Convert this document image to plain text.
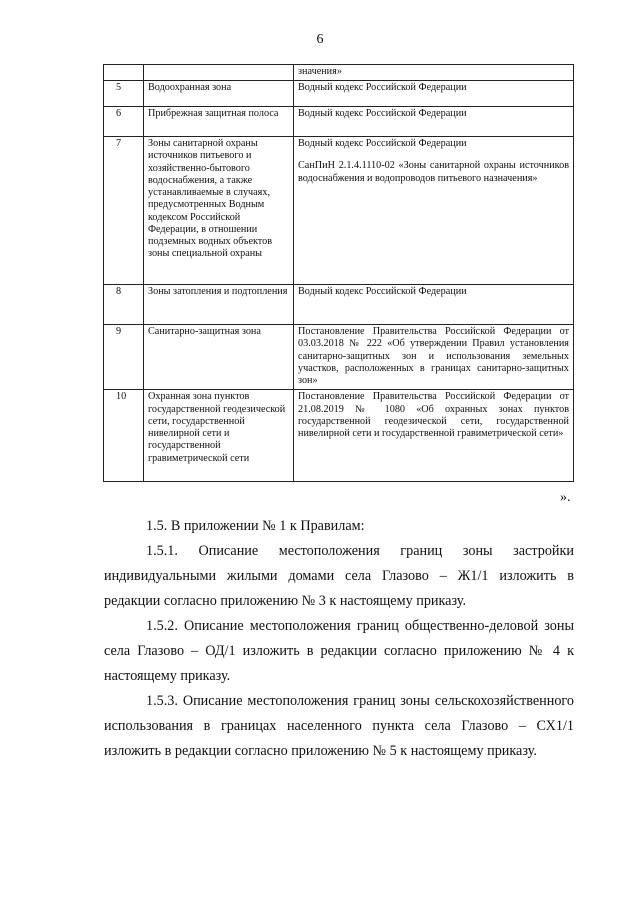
6
		значения»
5	Водоохранная зона	Водный кодекс Российской Федерации

6	Прибрежная защитная полоса	Водный кодекс Российской Федерации

7	Зоны санитарной охраны источников питьевого и хозяйственно-бытового водоснабжения, а также устанавливаемые в случаях, предусмотренных Водным кодексом Российской Федерации, в отношении подземных водных объектов зоны специальной охраны	Водный кодекс Российской Федерации
СанПиН 2.1.4.1110-02 «Зоны санитарной охраны источников водоснабжения и водопроводов питьевого назначения»

8	Зоны затопления и подтопления	Водный кодекс Российской Федерации

9	Санитарно-защитная зона	Постановление Правительства Российской Федерации от 03.03.2018 № 222 «Об утверждении Правил установления санитарно-защитных зон и использования земельных участков, расположенных в границах санитарно-защитных зон»

10	Охранная зона пунктов государственной геодезической сети, государственной нивелирной сети и государственной гравиметрической сети	Постановление Правительства Российской Федерации от 21.08.2019 № 1080 «Об охранных зонах пунктов государственной геодезической сети, государственной нивелирной сети и государственной гравиметрической сети»
».

1.5. В приложении № 1 к Правилам:

1.5.1. Описание местоположения границ зоны застройки индивидуальными жилыми домами села Глазово – Ж1/1 изложить в редакции согласно приложению № 3 к настоящему приказу.

1.5.2. Описание местоположения границ общественно-деловой зоны села Глазово – ОД/1 изложить в редакции согласно приложению № 4 к настоящему приказу.

1.5.3. Описание местоположения границ зоны сельскохозяйственного использования в границах населенного пункта села Глазово – СХ1/1 изложить в редакции согласно приложению № 5 к настоящему приказу.
